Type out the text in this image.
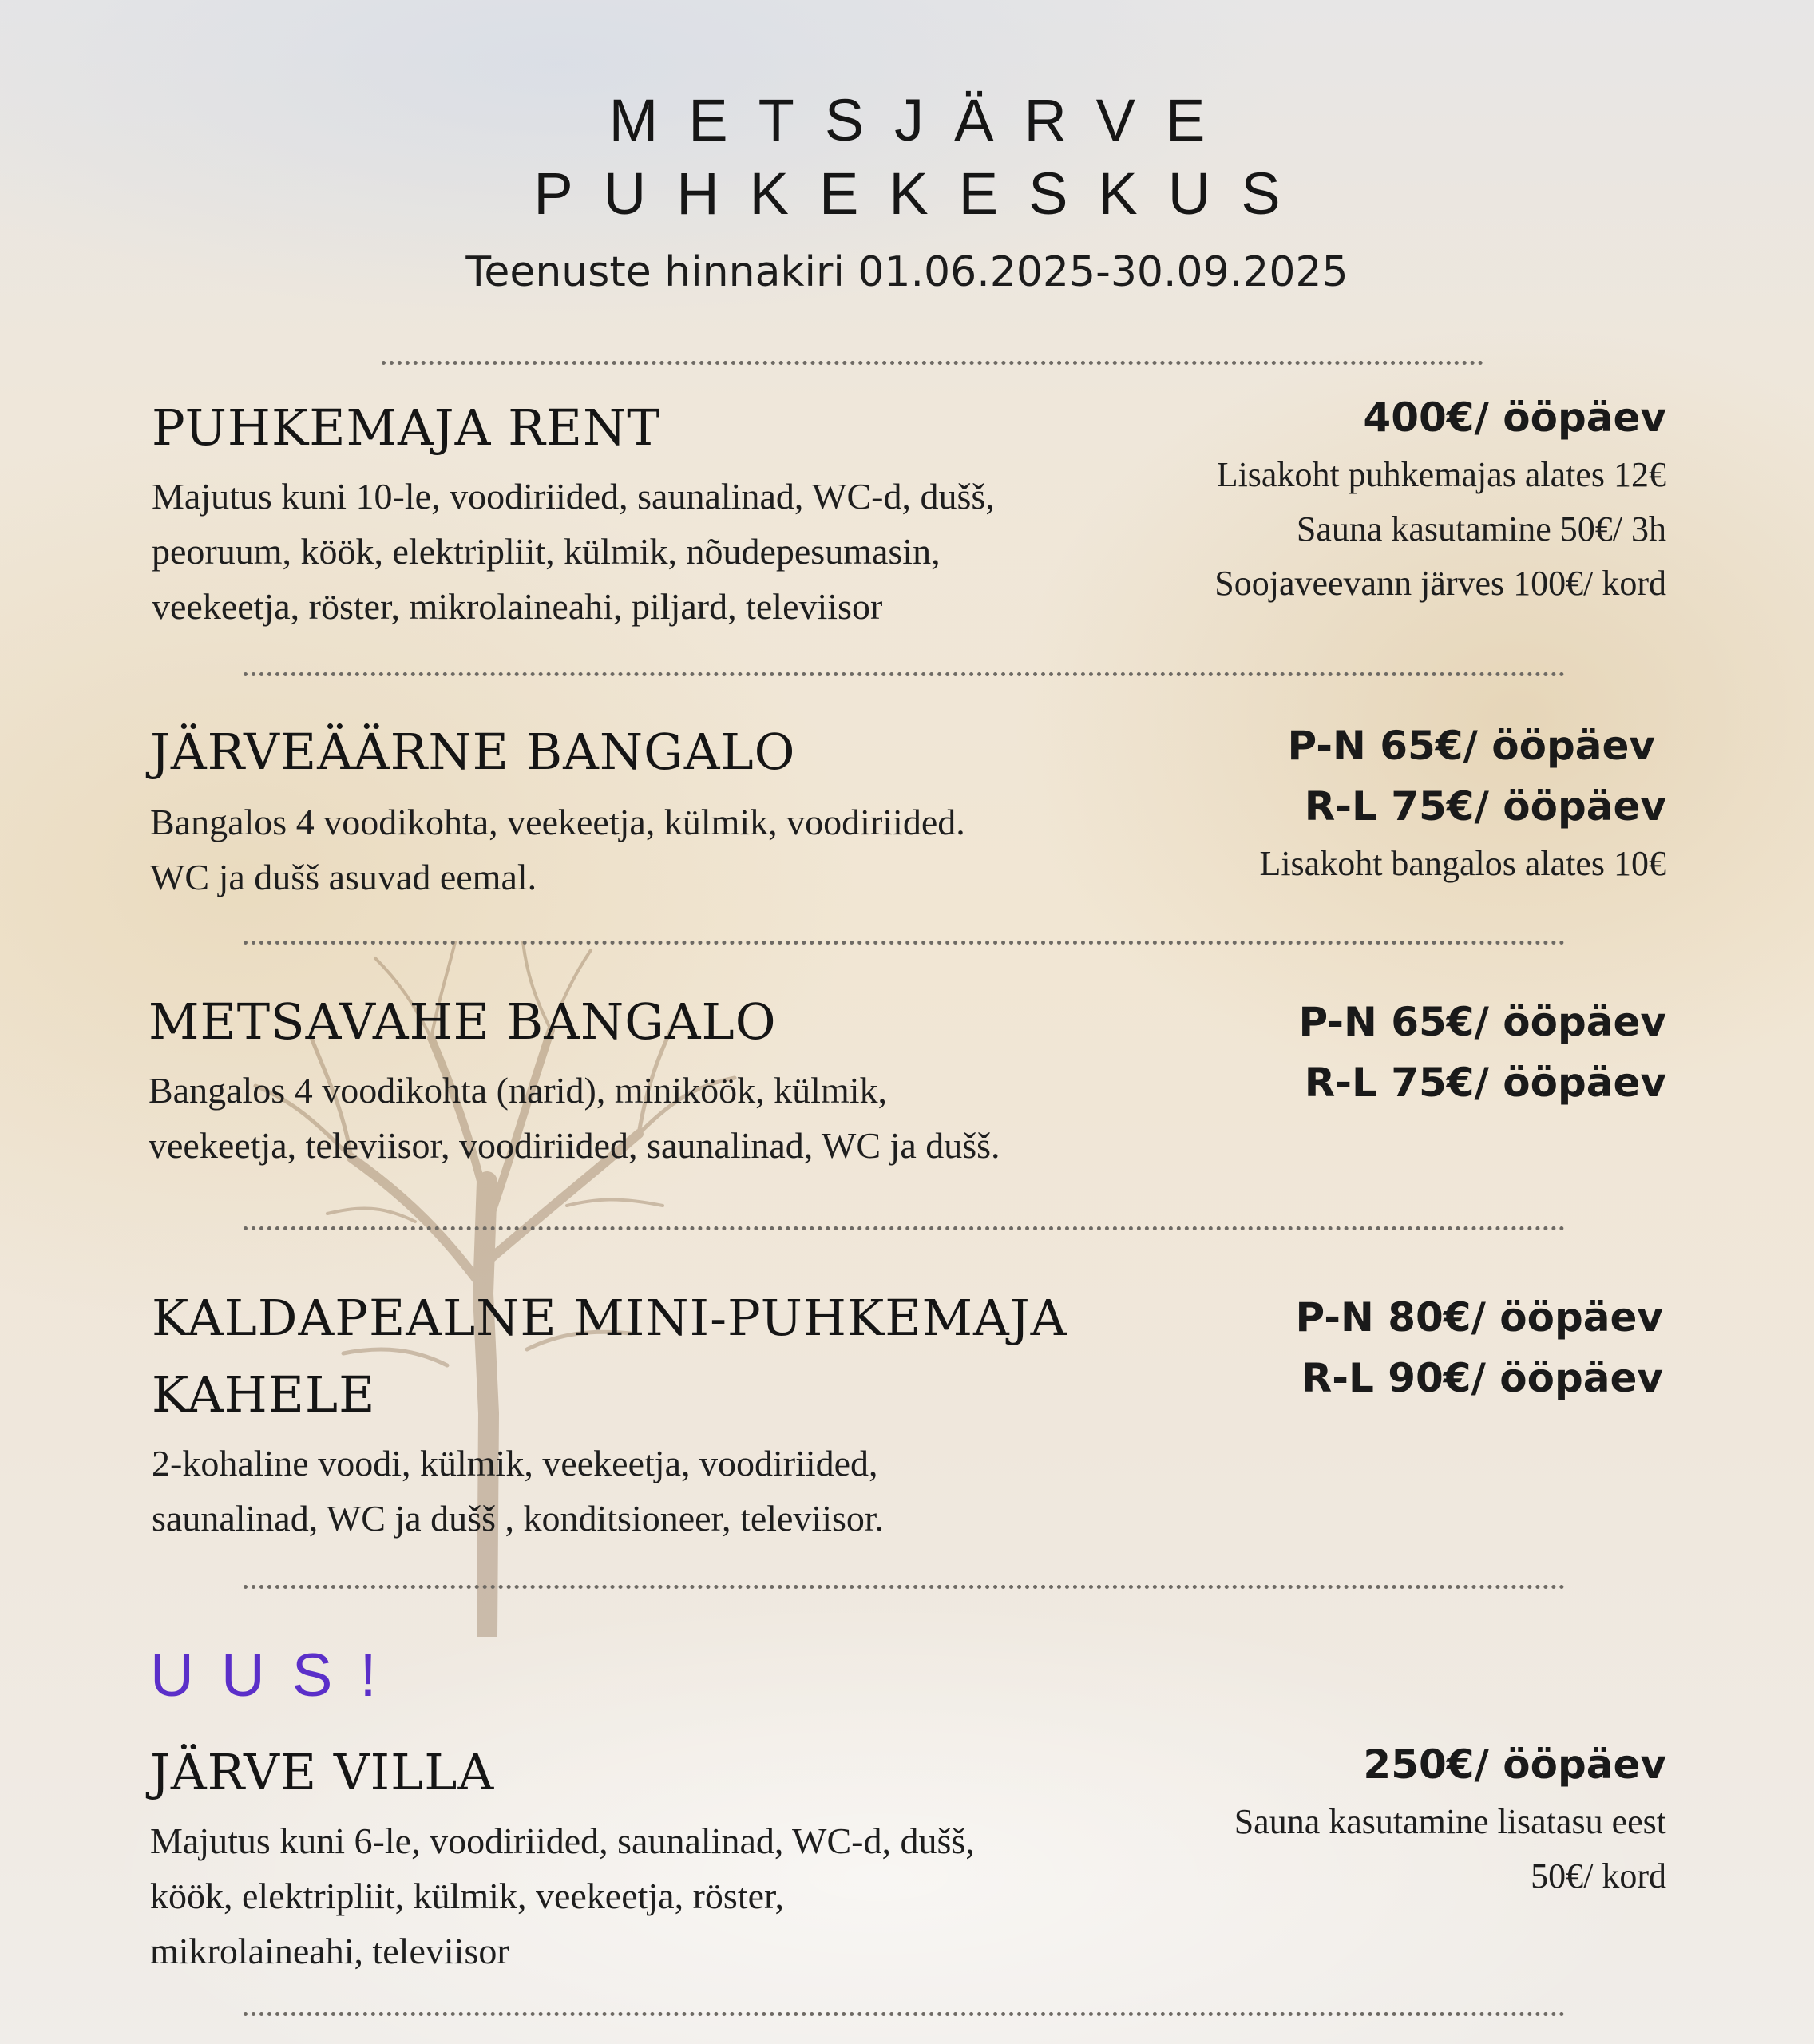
METSJÄRVE
PUHKEKESKUS
Teenuste hinnakiri 01.06.2025-30.09.2025
PUHKEMAJA RENT
Majutus kuni 10-le, voodiriided, saunalinad, WC-d, dušš,
peoruum, köök, elektripliit, külmik, nõudepesumasin,
veekeetja, röster, mikrolaineahi, piljard, televiisor
400€/ ööpäev
Lisakoht puhkemajas alates 12€
Sauna kasutamine 50€/ 3h
Soojaveevann järves 100€/ kord
JÄRVEÄÄRNE BANGALO
Bangalos 4 voodikohta, veekeetja, külmik, voodiriided.
WC ja dušš asuvad eemal.
P-N 65€/ ööpäev
R-L 75€/ ööpäev
Lisakoht bangalos alates 10€
METSAVAHE BANGALO
Bangalos 4 voodikohta (narid), miniköök, külmik,
veekeetja, televiisor, voodiriided, saunalinad, WC ja dušš.
P-N 65€/ ööpäev
R-L 75€/ ööpäev
KALDAPEALNE MINI-PUHKEMAJA
KAHELE
2-kohaline voodi, külmik, veekeetja, voodiriided,
saunalinad, WC ja dušš , konditsioneer, televiisor.
P-N 80€/ ööpäev
R-L 90€/ ööpäev
UUS!
JÄRVE VILLA
Majutus kuni 6-le, voodiriided, saunalinad, WC-d, dušš,
köök, elektripliit, külmik, veekeetja, röster,
mikrolaineahi, televiisor
250€/ ööpäev
Sauna kasutamine lisatasu eest
50€/ kord
